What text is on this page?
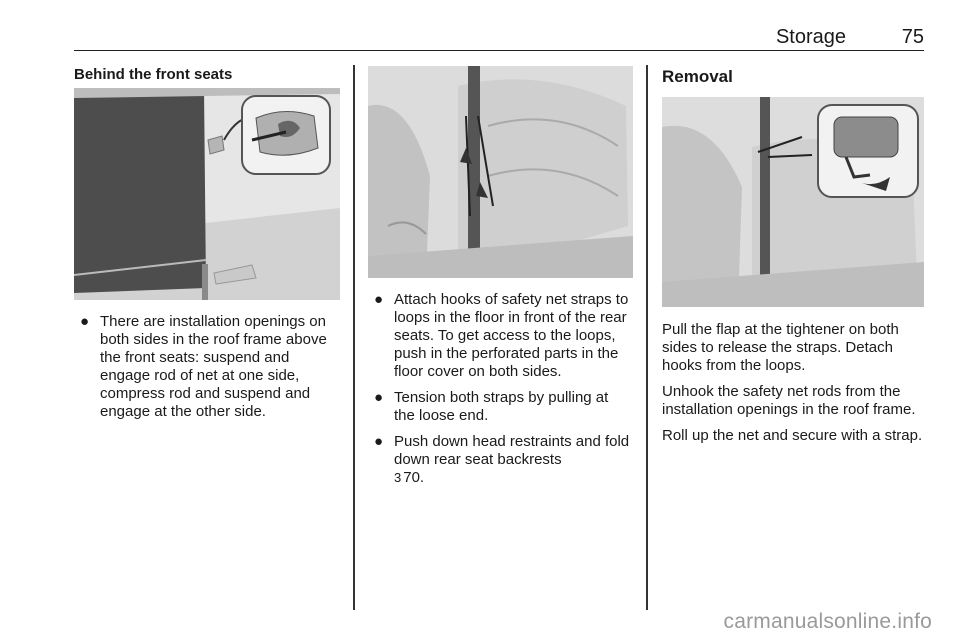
Storage	75
Behind the front seats
● There are installation openings on both sides in the roof frame above the front seats: suspend and engage rod of net at one side, compress rod and suspend and engage at the other side.
● Attach hooks of safety net straps to loops in the floor in front of the rear seats. To get access to the loops, push in the perforated parts in the floor cover on both sides.
● Tension both straps by pulling at the loose end.
● Push down head restraints and fold down rear seat backrests
3 70.
Removal

Pull the flap at the tightener on both sides to release the straps. Detach hooks from the loops.

Unhook the safety net rods from the installation openings in the roof frame.

Roll up the net and secure with a strap.

carmanualsonline.info
